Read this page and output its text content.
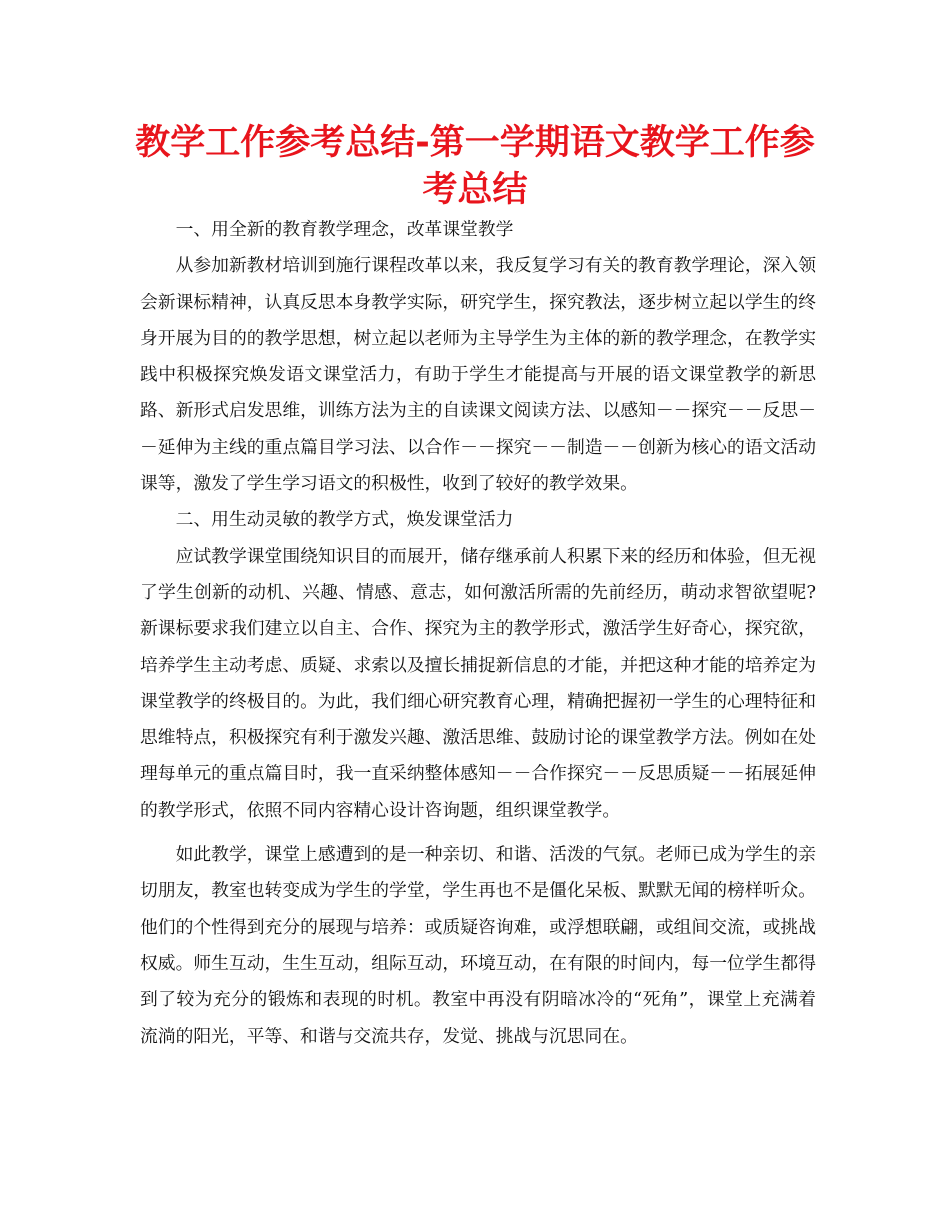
教学工作参考总结-第一学期语文教学工作参考总结

一、用全新的教育教学理念，改革课堂教学

从参加新教材培训到施行课程改革以来，我反复学习有关的教育教学理论，深入领会新课标精神，认真反思本身教学实际，研究学生，探究教法，逐步树立起以学生的终身开展为目的的教学思想，树立起以老师为主导学生为主体的新的教学理念，在教学实践中积极探究焕发语文课堂活力，有助于学生才能提高与开展的语文课堂教学的新思路、新形式启发思维，训练方法为主的自读课文阅读方法、以感知－－探究－－反思－－延伸为主线的重点篇目学习法、以合作－－探究－－制造－－创新为核心的语文活动课等，激发了学生学习语文的积极性，收到了较好的教学效果。

二、用生动灵敏的教学方式，焕发课堂活力

应试教学课堂围绕知识目的而展开，储存继承前人积累下来的经历和体验，但无视了学生创新的动机、兴趣、情感、意志，如何激活所需的先前经历，萌动求智欲望呢?新课标要求我们建立以自主、合作、探究为主的教学形式，激活学生好奇心，探究欲，培养学生主动考虑、质疑、求索以及擅长捕捉新信息的才能，并把这种才能的培养定为课堂教学的终极目的。为此，我们细心研究教育心理，精确把握初一学生的心理特征和思维特点，积极探究有利于激发兴趣、激活思维、鼓励讨论的课堂教学方法。例如在处理每单元的重点篇目时，我一直采纳整体感知－－合作探究－－反思质疑－－拓展延伸的教学形式，依照不同内容精心设计咨询题，组织课堂教学。

如此教学，课堂上感遭到的是一种亲切、和谐、活泼的气氛。老师已成为学生的亲切朋友，教室也转变成为学生的学堂，学生再也不是僵化呆板、默默无闻的榜样听众。他们的个性得到充分的展现与培养：或质疑咨询难，或浮想联翩，或组间交流，或挑战权威。师生互动，生生互动，组际互动，环境互动，在有限的时间内，每一位学生都得到了较为充分的锻炼和表现的时机。教室中再没有阴暗冰冷的“死角”，课堂上充满着流淌的阳光，平等、和谐与交流共存，发觉、挑战与沉思同在。
